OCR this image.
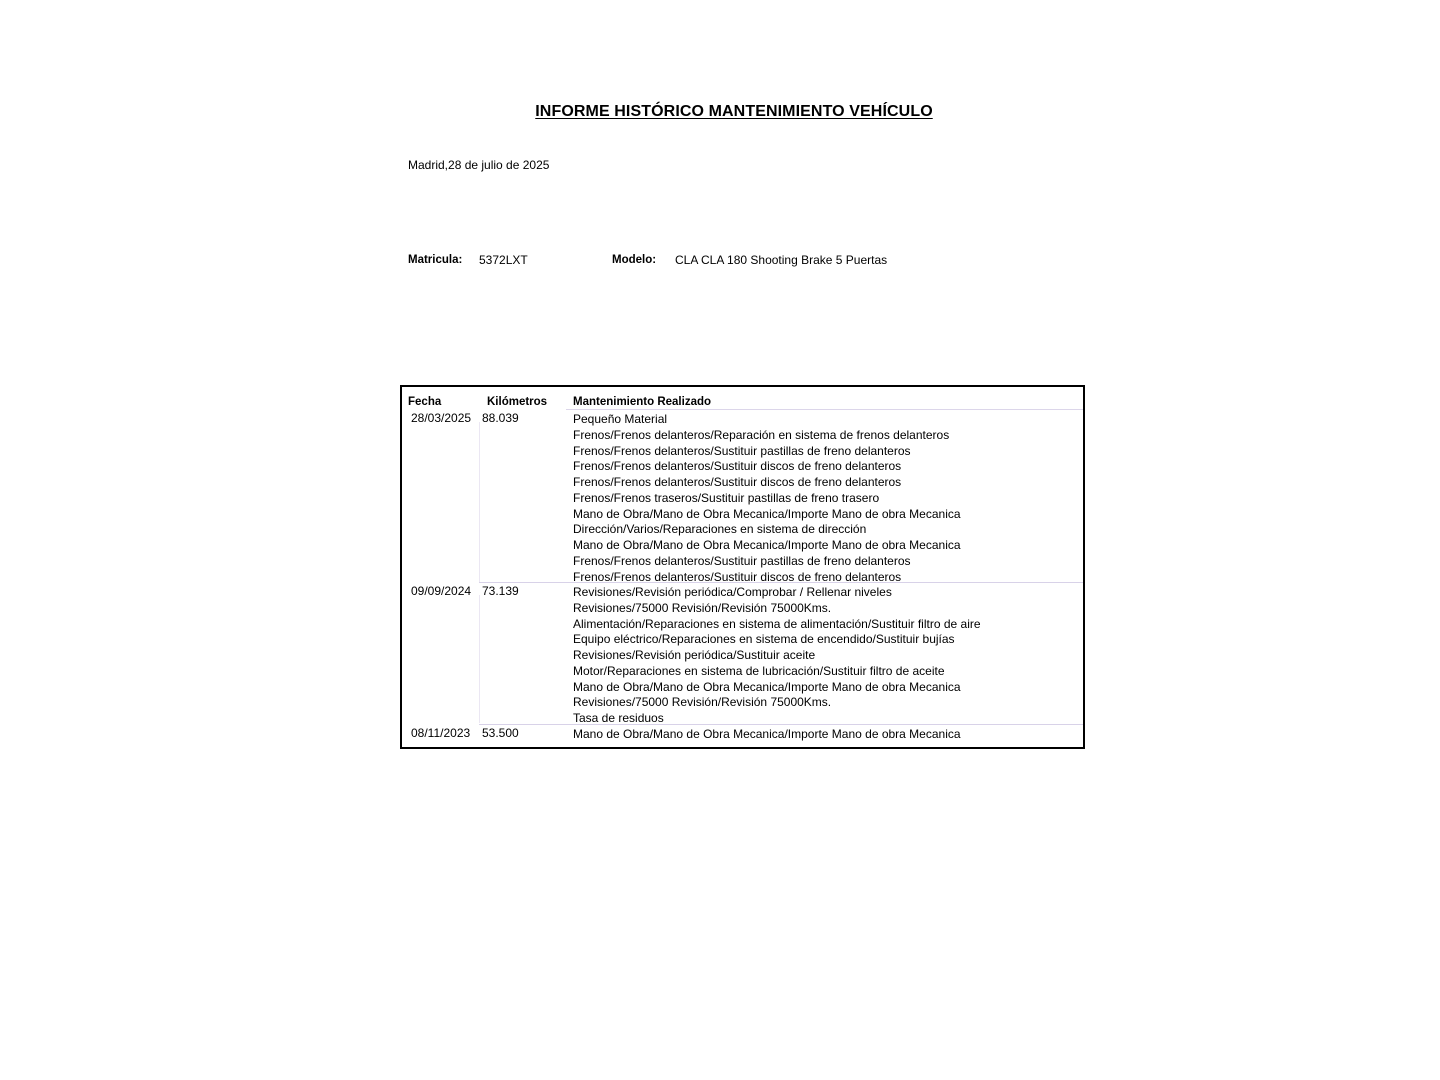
INFORME HISTÓRICO MANTENIMIENTO VEHÍCULO
Madrid,28 de julio de 2025
Matricula: 5372LXT	Modelo: CLA CLA 180 Shooting Brake 5 Puertas
Fecha	Kilómetros Mantenimiento Realizado
28/03/2025 88.039	Pequeño Material
Frenos/Frenos delanteros/Reparación en sistema de frenos delanteros
Frenos/Frenos delanteros/Sustituir pastillas de freno delanteros
Frenos/Frenos delanteros/Sustituir discos de freno delanteros
Frenos/Frenos delanteros/Sustituir discos de freno delanteros
Frenos/Frenos traseros/Sustituir pastillas de freno trasero
Mano de Obra/Mano de Obra Mecanica/Importe Mano de obra Mecanica
Dirección/Varios/Reparaciones en sistema de dirección
Mano de Obra/Mano de Obra Mecanica/Importe Mano de obra Mecanica
Frenos/Frenos delanteros/Sustituir pastillas de freno delanteros
Frenos/Frenos delanteros/Sustituir discos de freno delanteros
09/09/2024 73.139	Revisiones/Revisión periódica/Comprobar / Rellenar niveles
Revisiones/75000 Revisión/Revisión 75000Kms.
Alimentación/Reparaciones en sistema de alimentación/Sustituir filtro de aire
Equipo eléctrico/Reparaciones en sistema de encendido/Sustituir bujías
Revisiones/Revisión periódica/Sustituir aceite
Motor/Reparaciones en sistema de lubricación/Sustituir filtro de aceite
Mano de Obra/Mano de Obra Mecanica/Importe Mano de obra Mecanica
Revisiones/75000 Revisión/Revisión 75000Kms.
Tasa de residuos
08/11/2023 53.500	Mano de Obra/Mano de Obra Mecanica/Importe Mano de obra Mecanica
